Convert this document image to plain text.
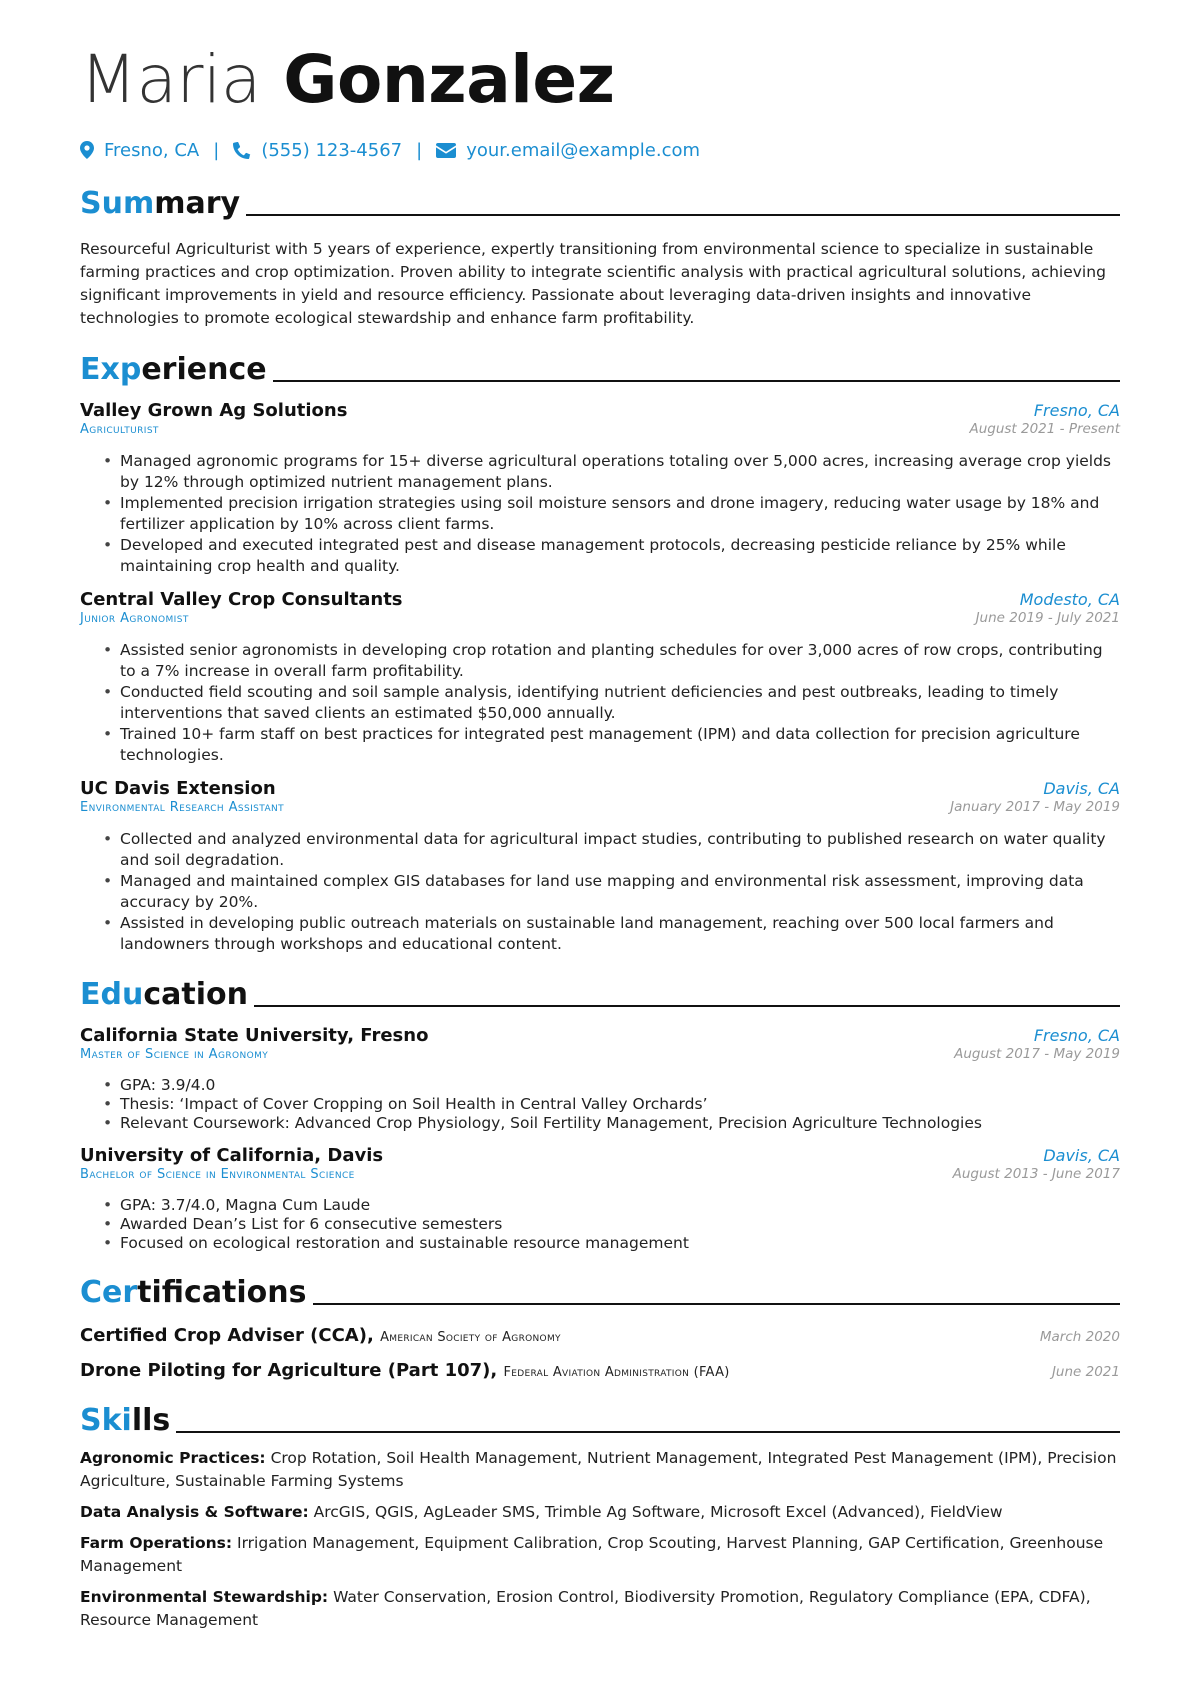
Maria Gonzalez
Fresno, CA | (555) 123-4567 | your.email@example.com
Summary

Resourceful Agriculturist with 5 years of experience, expertly transitioning from environmental science to specialize in sustainable farming practices and crop optimization. Proven ability to integrate scientific analysis with practical agricultural solutions, achieving significant improvements in yield and resource efficiency. Passionate about leveraging data-driven insights and innovative technologies to promote ecological stewardship and enhance farm profitability.

Experience
Valley Grown Ag Solutions	Fresno, CA
Agriculturist	August 2021 - Present
• Managed agronomic programs for 15+ diverse agricultural operations totaling over 5,000 acres, increasing average crop yields by 12% through optimized nutrient management plans.
• Implemented precision irrigation strategies using soil moisture sensors and drone imagery, reducing water usage by 18% and fertilizer application by 10% across client farms.
• Developed and executed integrated pest and disease management protocols, decreasing pesticide reliance by 25% while maintaining crop health and quality.
Central Valley Crop Consultants	Modesto, CA
Junior Agronomist	June 2019 - July 2021
• Assisted senior agronomists in developing crop rotation and planting schedules for over 3,000 acres of row crops, contributing to a 7% increase in overall farm profitability.
• Conducted field scouting and soil sample analysis, identifying nutrient deficiencies and pest outbreaks, leading to timely interventions that saved clients an estimated $50,000 annually.
• Trained 10+ farm staff on best practices for integrated pest management (IPM) and data collection for precision agriculture technologies.
UC Davis Extension	Davis, CA
Environmental Research Assistant	January 2017 - May 2019
• Collected and analyzed environmental data for agricultural impact studies, contributing to published research on water quality and soil degradation.
• Managed and maintained complex GIS databases for land use mapping and environmental risk assessment, improving data accuracy by 20%.
• Assisted in developing public outreach materials on sustainable land management, reaching over 500 local farmers and landowners through workshops and educational content.
Education
California State University, Fresno	Fresno, CA
Master of Science in Agronomy	August 2017 - May 2019
• GPA: 3.9/4.0
• Thesis: ‘Impact of Cover Cropping on Soil Health in Central Valley Orchards’
• Relevant Coursework: Advanced Crop Physiology, Soil Fertility Management, Precision Agriculture Technologies
University of California, Davis	Davis, CA
Bachelor of Science in Environmental Science	August 2013 - June 2017
• GPA: 3.7/4.0, Magna Cum Laude
• Awarded Dean’s List for 6 consecutive semesters
• Focused on ecological restoration and sustainable resource management
Certifications
Certified Crop Adviser (CCA), American Society of Agronomy	March 2020
Drone Piloting for Agriculture (Part 107), Federal Aviation Administration (FAA)	June 2021
Skills
Agronomic Practices: Crop Rotation, Soil Health Management, Nutrient Management, Integrated Pest Management (IPM), Precision Agriculture, Sustainable Farming Systems
Data Analysis & Software: ArcGIS, QGIS, AgLeader SMS, Trimble Ag Software, Microsoft Excel (Advanced), FieldView
Farm Operations: Irrigation Management, Equipment Calibration, Crop Scouting, Harvest Planning, GAP Certification, Greenhouse Management
Environmental Stewardship: Water Conservation, Erosion Control, Biodiversity Promotion, Regulatory Compliance (EPA, CDFA), Resource Management
